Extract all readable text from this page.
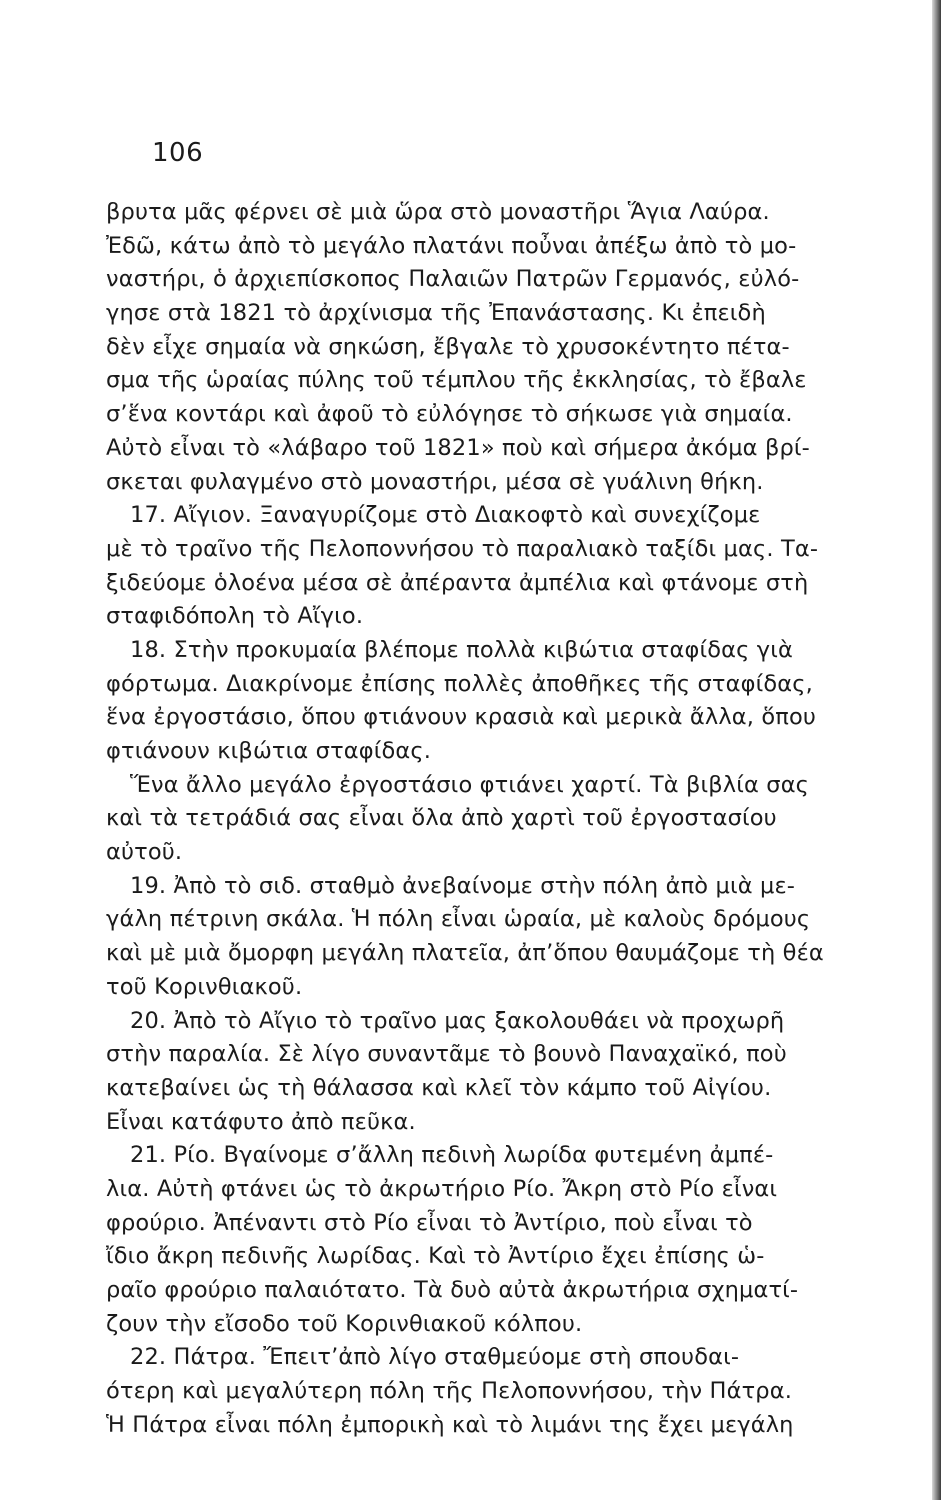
106
βρυτα μᾶς φέρνει σὲ μιὰ ὥρα στὸ μοναστῆρι Ἅγια Λαύρα.
Ἐδῶ, κάτω ἀπὸ τὸ μεγάλο πλατάνι ποὖναι ἀπέξω ἀπὸ τὸ μο-
ναστήρι, ὁ ἀρχιεπίσκοπος Παλαιῶν Πατρῶν Γερμανός, εὐλό-
γησε στὰ 1821 τὸ ἀρχίνισμα τῆς Ἐπανάστασης. Κι ἐπειδὴ
δὲν εἶχε σημαία νὰ σηκώση, ἔβγαλε τὸ χρυσοκέντητο πέτα-
σμα τῆς ὡραίας πύλης τοῦ τέμπλου τῆς ἐκκλησίας, τὸ ἔβαλε
σ’ἕνα κοντάρι καὶ ἀφοῦ τὸ εὐλόγησε τὸ σήκωσε γιὰ σημαία.
Αὐτὸ εἶναι τὸ «λάβαρο τοῦ 1821» ποὺ καὶ σήμερα ἀκόμα βρί-
σκεται φυλαγμένο στὸ μοναστήρι, μέσα σὲ γυάλινη θήκη.
17. Αἴγιον. Ξαναγυρίζομε στὸ Διακοφτὸ καὶ συνεχίζομε
μὲ τὸ τραῖνο τῆς Πελοποννήσου τὸ παραλιακὸ ταξίδι μας. Τα-
ξιδεύομε ὁλοένα μέσα σὲ ἀπέραντα ἀμπέλια καὶ φτάνομε στὴ
σταφιδόπολη τὸ Αἴγιο.
18. Στὴν προκυμαία βλέπομε πολλὰ κιβώτια σταφίδας γιὰ
φόρτωμα. Διακρίνομε ἐπίσης πολλὲς ἀποθῆκες τῆς σταφίδας,
ἕνα ἐργοστάσιο, ὅπου φτιάνουν κρασιὰ καὶ μερικὰ ἄλλα, ὅπου
φτιάνουν κιβώτια σταφίδας.
Ἕνα ἄλλο μεγάλο ἐργοστάσιο φτιάνει χαρτί. Τὰ βιβλία σας
καὶ τὰ τετράδιά σας εἶναι ὅλα ἀπὸ χαρτὶ τοῦ ἐργοστασίου
αὐτοῦ.
19. Ἀπὸ τὸ σιδ. σταθμὸ ἀνεβαίνομε στὴν πόλη ἀπὸ μιὰ με-
γάλη πέτρινη σκάλα. Ἡ πόλη εἶναι ὡραία, μὲ καλοὺς δρόμους
καὶ μὲ μιὰ ὄμορφη μεγάλη πλατεῖα, ἀπ’ὅπου θαυμάζομε τὴ θέα
τοῦ Κορινθιακοῦ.
20. Ἀπὸ τὸ Αἴγιο τὸ τραῖνο μας ξακολουθάει νὰ προχωρῆ
στὴν παραλία. Σὲ λίγο συναντᾶμε τὸ βουνὸ Παναχαϊκό, ποὺ
κατεβαίνει ὡς τὴ θάλασσα καὶ κλεῖ τὸν κάμπο τοῦ Αἰγίου.
Εἶναι κατάφυτο ἀπὸ πεῦκα.
21. Ρίο. Βγαίνομε σ’ἄλλη πεδινὴ λωρίδα φυτεμένη ἀμπέ-
λια. Αὐτὴ φτάνει ὡς τὸ ἀκρωτήριο Ρίο. Ἄκρη στὸ Ρίο εἶναι
φρούριο. Ἀπέναντι στὸ Ρίο εἶναι τὸ Ἀντίριο, ποὺ εἶναι τὸ
ἴδιο ἄκρη πεδινῆς λωρίδας. Καὶ τὸ Ἀντίριο ἔχει ἐπίσης ὡ-
ραῖο φρούριο παλαιότατο. Τὰ δυὸ αὐτὰ ἀκρωτήρια σχηματί-
ζουν τὴν εἴσοδο τοῦ Κορινθιακοῦ κόλπου.
22. Πάτρα. Ἔπειτ’ἀπὸ λίγο σταθμεύομε στὴ σπουδαι-
ότερη καὶ μεγαλύτερη πόλη τῆς Πελοποννήσου, τὴν Πάτρα.
Ἡ Πάτρα εἶναι πόλη ἐμπορικὴ καὶ τὸ λιμάνι της ἔχει μεγάλη
